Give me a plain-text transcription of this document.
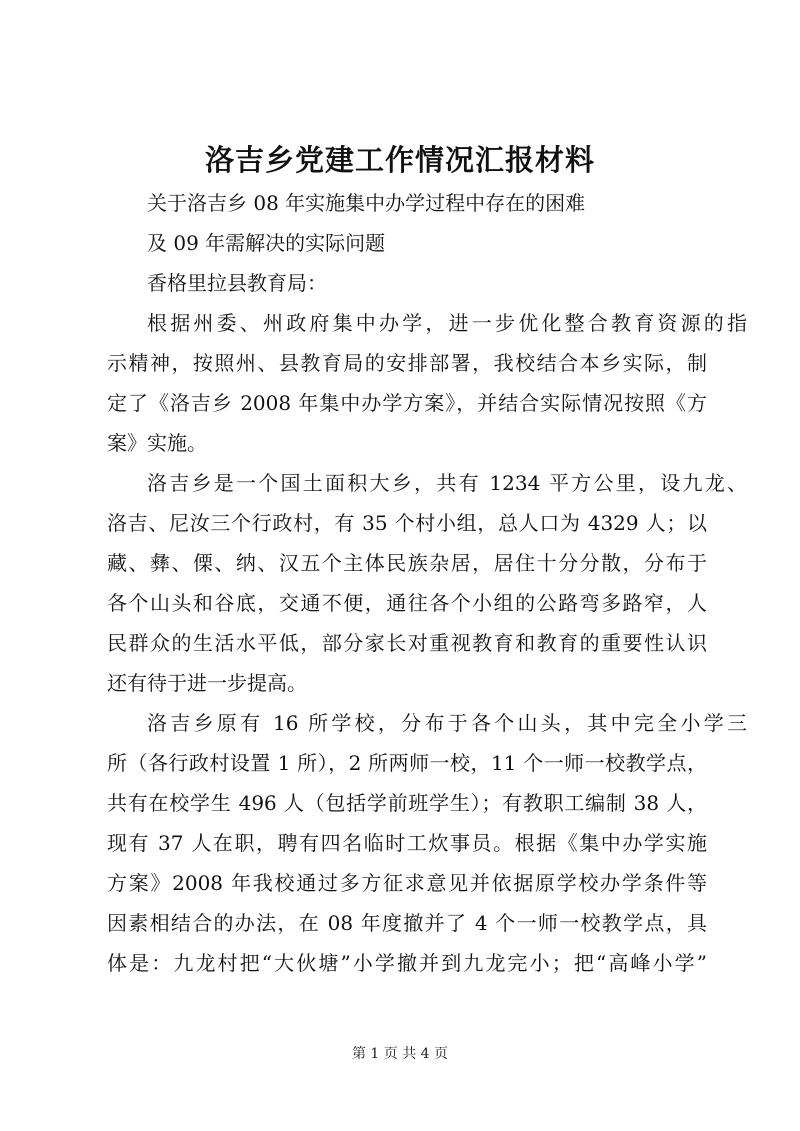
洛吉乡党建工作情况汇报材料

关于洛吉乡 08 年实施集中办学过程中存在的困难

及 09 年需解决的实际问题

香格里拉县教育局：

根据州委、州政府集中办学，进一步优化整合教育资源的指

示精神，按照州、县教育局的安排部署，我校结合本乡实际，制

定了《洛吉乡 2008 年集中办学方案》，并结合实际情况按照《方

案》实施。

洛吉乡是一个国土面积大乡，共有 1234 平方公里，设九龙、

洛吉、尼汝三个行政村，有 35 个村小组，总人口为 4329 人；以

藏、彝、傈、纳、汉五个主体民族杂居，居住十分分散，分布于

各个山头和谷底，交通不便，通往各个小组的公路弯多路窄，人

民群众的生活水平低，部分家长对重视教育和教育的重要性认识

还有待于进一步提高。

洛吉乡原有 16 所学校，分布于各个山头，其中完全小学三

所（各行政村设置 1 所），2 所两师一校，11 个一师一校教学点，

共有在校学生 496 人（包括学前班学生）；有教职工编制 38 人，

现有 37 人在职，聘有四名临时工炊事员。根据《集中办学实施

方案》2008 年我校通过多方征求意见并依据原学校办学条件等

因素相结合的办法，在 08 年度撤并了 4 个一师一校教学点，具

体是：九龙村把“大伙塘”小学撤并到九龙完小；把“高峰小学”

第 1 页 共 4 页
